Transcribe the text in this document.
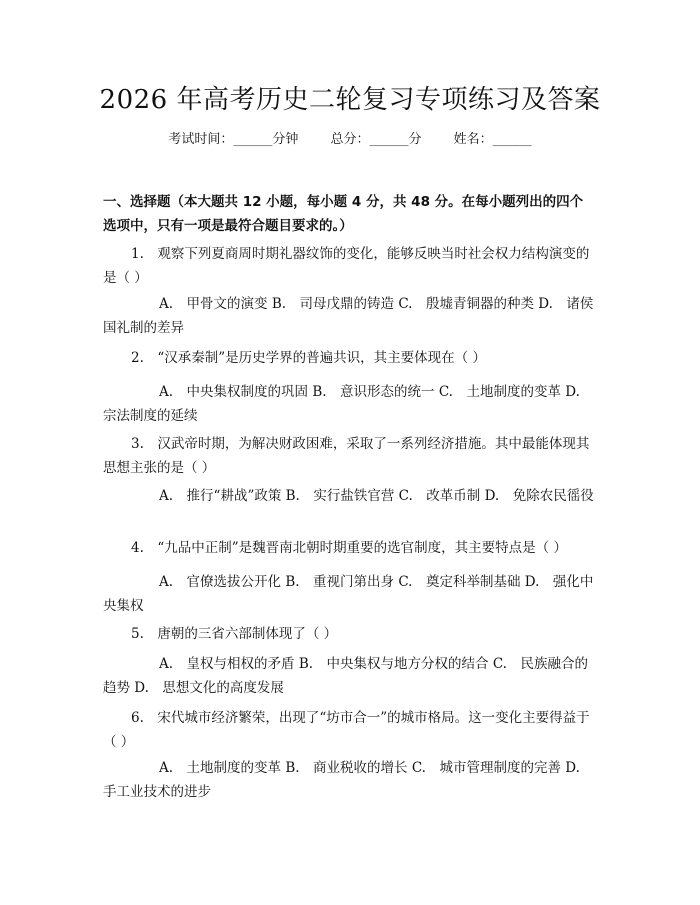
2026 年高考历史二轮复习专项练习及答案
考试时间：______分钟 总分：______分 姓名：______
一、选择题（本大题共 12 小题，每小题 4 分，共 48 分。在每小题列出的四个选项中，只有一项是最符合题目要求的。）
1.　观察下列夏商周时期礼器纹饰的变化，能够反映当时社会权力结构演变的是（ ）
A.　甲骨文的演变 B.　司母戊鼎的铸造 C.　殷墟青铜器的种类 D.　诸侯国礼制的差异
2.　“汉承秦制”是历史学界的普遍共识，其主要体现在（ ）
A.　中央集权制度的巩固 B.　意识形态的统一 C.　土地制度的变革 D.　宗法制度的延续
3.　汉武帝时期，为解决财政困难，采取了一系列经济措施。其中最能体现其思想主张的是（ ）
A.　推行“耕战”政策 B.　实行盐铁官营 C.　改革币制 D.　免除农民徭役
4.　“九品中正制”是魏晋南北朝时期重要的选官制度，其主要特点是（ ）
A.　官僚选拔公开化 B.　重视门第出身 C.　奠定科举制基础 D.　强化中央集权
5.　唐朝的三省六部制体现了（ ）
A.　皇权与相权的矛盾 B.　中央集权与地方分权的结合 C.　民族融合的趋势 D.　思想文化的高度发展
6.　宋代城市经济繁荣，出现了“坊市合一”的城市格局。这一变化主要得益于（ ）
A.　土地制度的变革 B.　商业税收的增长 C.　城市管理制度的完善 D.　手工业技术的进步
